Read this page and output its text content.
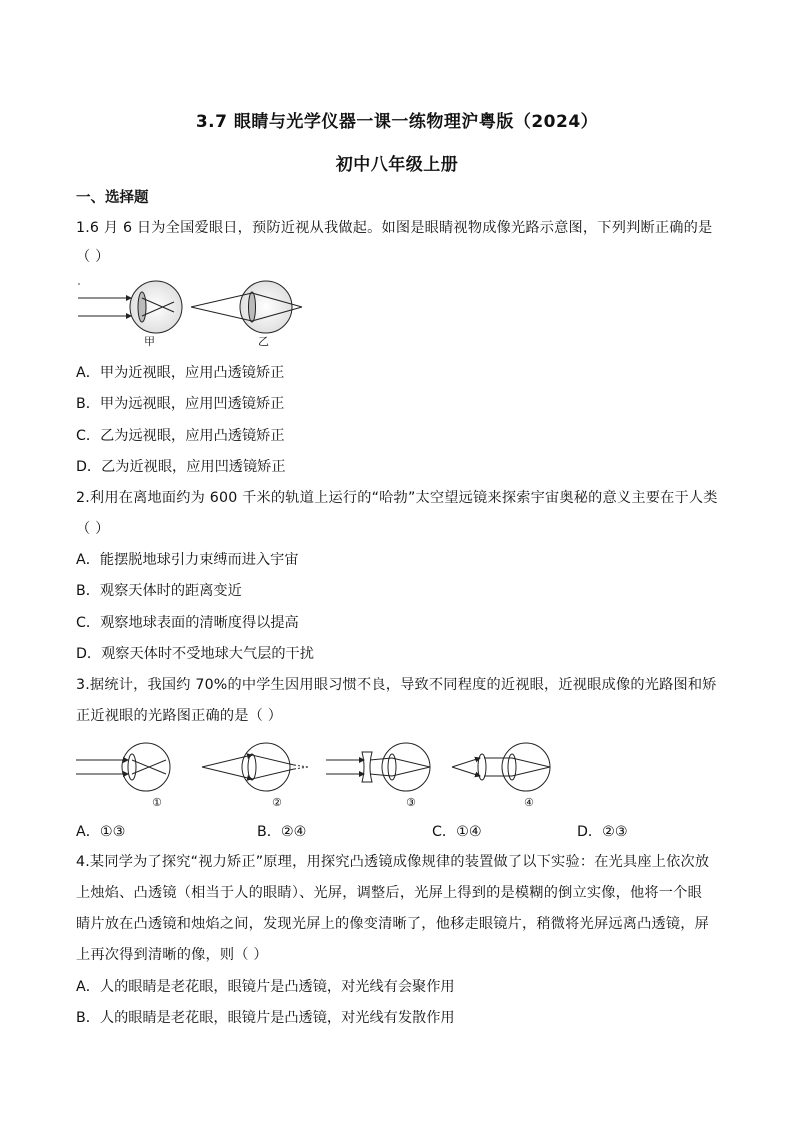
3.7 眼睛与光学仪器一课一练物理沪粤版（2024）
初中八年级上册
一、选择题
1.6 月 6 日为全国爱眼日，预防近视从我做起。如图是眼睛视物成像光路示意图，下列判断正确的是
（ ）
甲	乙
A．甲为近视眼，应用凸透镜矫正
B．甲为远视眼，应用凹透镜矫正
C．乙为远视眼，应用凸透镜矫正
D．乙为近视眼，应用凹透镜矫正
2.利用在离地面约为 600 千米的轨道上运行的“哈勃”太空望远镜来探索宇宙奥秘的意义主要在于人类
（ ）
A．能摆脱地球引力束缚而进入宇宙
B．观察天体时的距离变近
C．观察地球表面的清晰度得以提高
D．观察天体时不受地球大气层的干扰
3.据统计，我国约 70%的中学生因用眼习惯不良，导致不同程度的近视眼，近视眼成像的光路图和矫
正近视眼的光路图正确的是（ ）
①	②	③	④
A．①③	B．②④	C．①④	D．②③
4.某同学为了探究“视力矫正”原理，用探究凸透镜成像规律的装置做了以下实验：在光具座上依次放
上烛焰、凸透镜（相当于人的眼睛）、光屏，调整后，光屏上得到的是模糊的倒立实像，他将一个眼
睛片放在凸透镜和烛焰之间，发现光屏上的像变清晰了，他移走眼镜片，稍微将光屏远离凸透镜，屏
上再次得到清晰的像，则（ ）
A．人的眼睛是老花眼，眼镜片是凸透镜，对光线有会聚作用
B．人的眼睛是老花眼，眼镜片是凸透镜，对光线有发散作用
